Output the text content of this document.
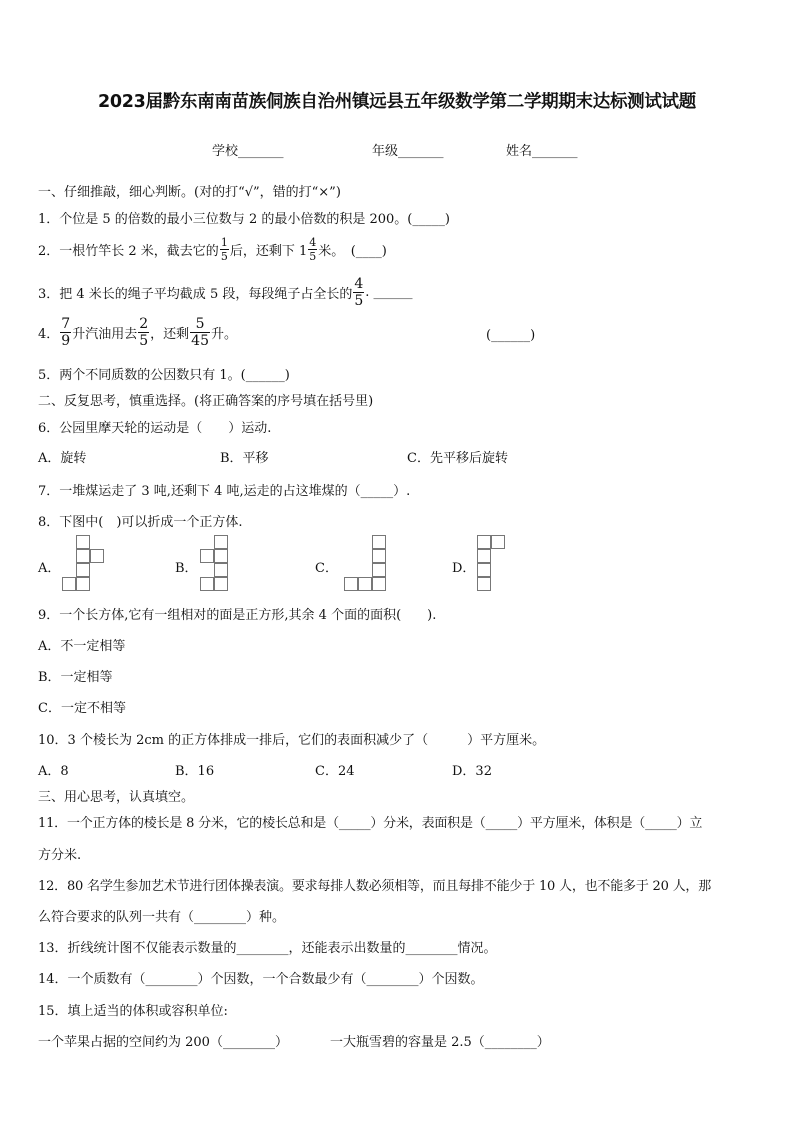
2023届黔东南南苗族侗族自治州镇远县五年级数学第二学期期末达标测试试题
学校_______	年级_______	姓名_______
一、仔细推敲，细心判断。(对的打“√”，错的打“×”)
1．个位是 5 的倍数的最小三位数与 2 的最小倍数的积是 200。(_____)
2．一根竹竿长 2 米，截去它的 $\frac{1}{5}$ 后，还剩下 $1 \frac{4}{5}$ 米。　(____)
3．把 4 米长的绳子平均截成 5 段，每段绳子占全长的 $\frac{4}{5}$ . ______
4． $\frac{7}{9}$ 升汽油用去 $\frac{2}{5}$ ，还剩 $\frac{5}{45}$ 升。	(______)
5．两个不同质数的公因数只有 1。(______)
二、反复思考，慎重选择。(将正确答案的序号填在括号里)
6．公园里摩天轮的运动是（　　）运动.
A．旋转	B．平移	C．先平移后旋转
7．一堆煤运走了 3 吨,还剩下 4 吨,运走的占这堆煤的（_____）.
8．下图中(　)可以折成一个正方体.
A．	B．	C．	D．
9．一个长方体,它有一组相对的面是正方形,其余 4 个面的面积(　　).
A．不一定相等
B．一定相等
C．一定不相等
10．3 个棱长为 2cm 的正方体排成一排后，它们的表面积减少了（　　　）平方厘米。
A．8	B．16	C．24	D．32
三、用心思考，认真填空。
11．一个正方体的棱长是 8 分米，它的棱长总和是（_____）分米，表面积是（_____）平方厘米，体积是（_____）立
方分米.
12．80 名学生参加艺术节进行团体操表演。要求每排人数必须相等，而且每排不能少于 10 人，也不能多于 20 人，那
么符合要求的队列一共有（________）种。
13．折线统计图不仅能表示数量的________，还能表示出数量的________情况。
14．一个质数有（________）个因数，一个合数最少有（________）个因数。
15．填上适当的体积或容积单位:
一个苹果占据的空间约为 200（________）	一大瓶雪碧的容量是 2.5（________）
